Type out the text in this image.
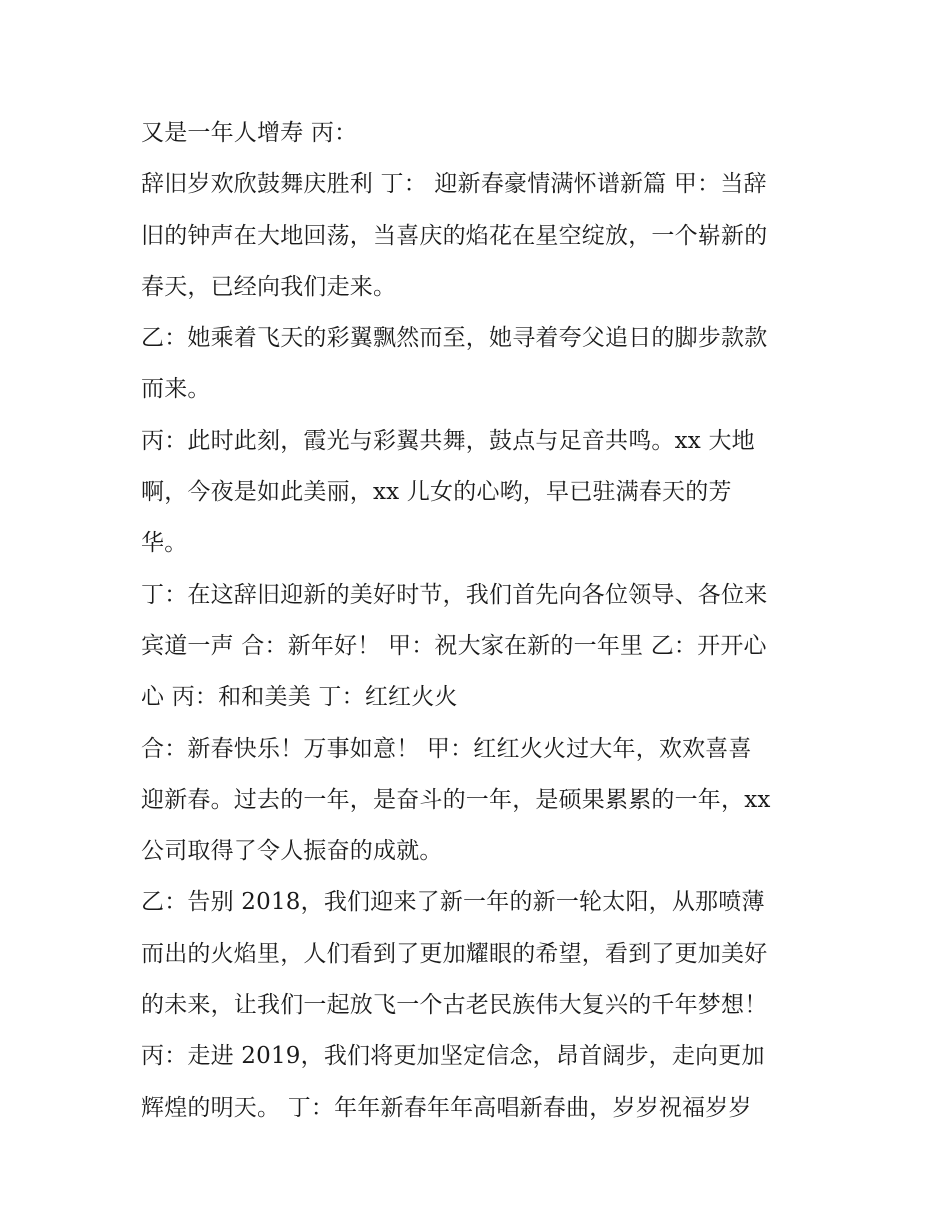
又是一年人增寿 丙：
辞旧岁欢欣鼓舞庆胜利 丁： 迎新春豪情满怀谱新篇 甲：当辞
旧的钟声在大地回荡，当喜庆的焰花在星空绽放，一个崭新的
春天，已经向我们走来。
乙：她乘着飞天的彩翼飘然而至，她寻着夸父追日的脚步款款
而来。
丙：此时此刻，霞光与彩翼共舞，鼓点与足音共鸣。xx 大地
啊，今夜是如此美丽，xx 儿女的心哟，早已驻满春天的芳
华。
丁：在这辞旧迎新的美好时节，我们首先向各位领导、各位来
宾道一声 合：新年好！ 甲：祝大家在新的一年里 乙：开开心
心 丙：和和美美 丁：红红火火
合：新春快乐！万事如意！ 甲：红红火火过大年，欢欢喜喜
迎新春。过去的一年，是奋斗的一年，是硕果累累的一年，xx
公司取得了令人振奋的成就。
乙：告别 2018，我们迎来了新一年的新一轮太阳，从那喷薄
而出的火焰里，人们看到了更加耀眼的希望，看到了更加美好
的未来，让我们一起放飞一个古老民族伟大复兴的千年梦想！
丙：走进 2019，我们将更加坚定信念，昂首阔步，走向更加
辉煌的明天。 丁：年年新春年年高唱新春曲，岁岁祝福岁岁
